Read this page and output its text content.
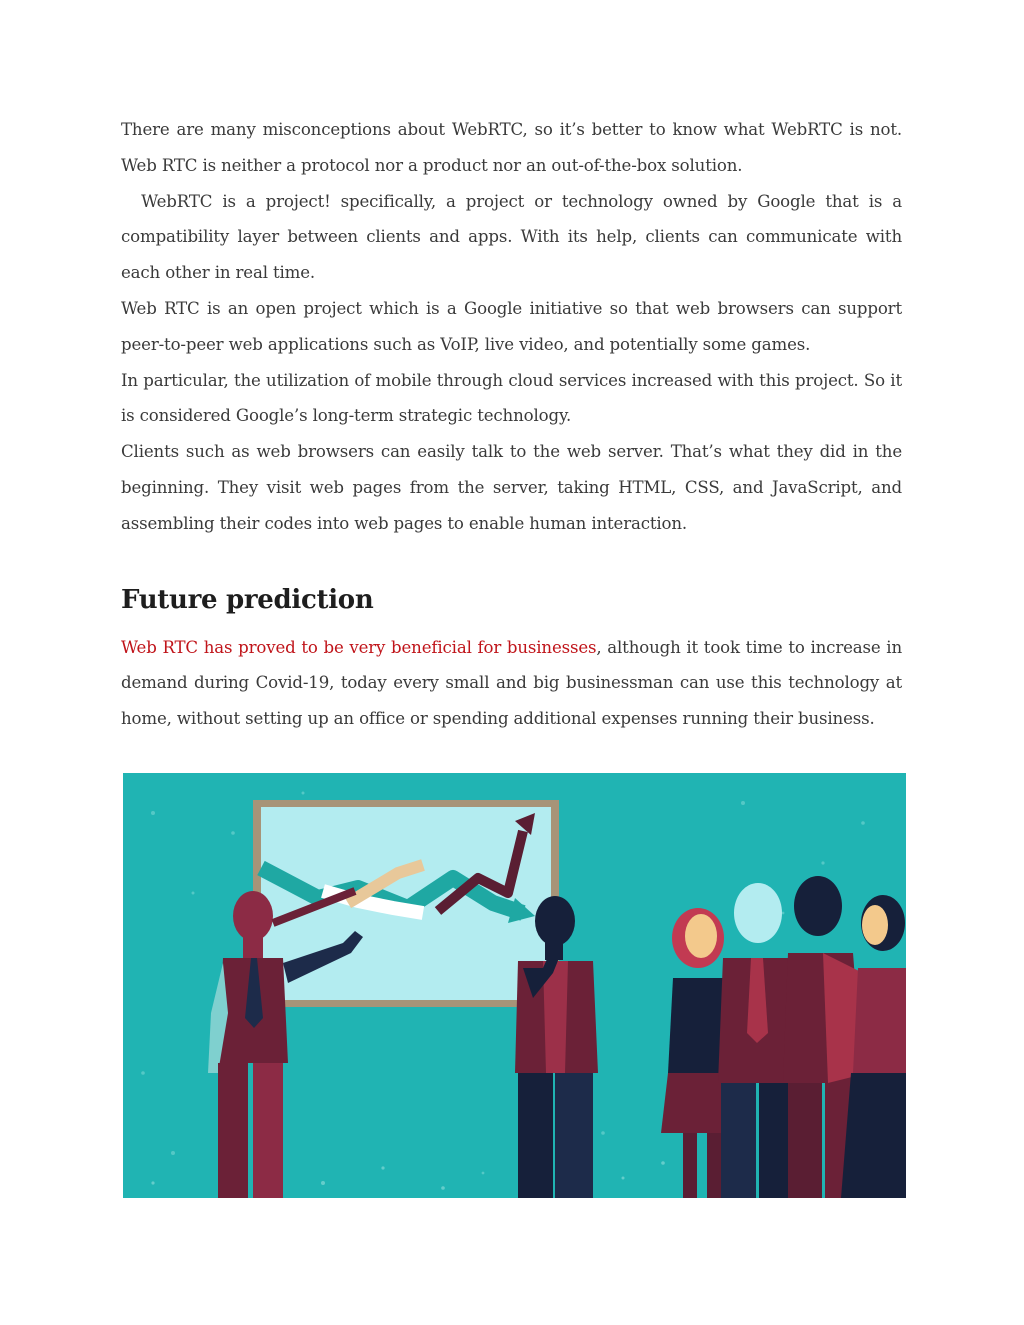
There are many misconceptions about WebRTC, so it’s better to know what WebRTC is not. Web RTC is neither a protocol nor a product nor an out-of-the-box solution.

WebRTC is a project! specifically, a project or technology owned by Google that is a compatibility layer between clients and apps. With its help, clients can communicate with each other in real time.

Web RTC is an open project which is a Google initiative so that web browsers can support peer-to-peer web applications such as VoIP, live video, and potentially some games.

In particular, the utilization of mobile through cloud services increased with this project. So it is considered Google’s long-term strategic technology.

Clients such as web browsers can easily talk to the web server. That’s what they did in the beginning. They visit web pages from the server, taking HTML, CSS, and JavaScript, and assembling their codes into web pages to enable human interaction.

Future prediction

Web RTC has proved to be very beneficial for businesses, although it took time to increase in demand during Covid-19, today every small and big businessman can use this technology at home, without setting up an office or spending additional expenses running their business.
